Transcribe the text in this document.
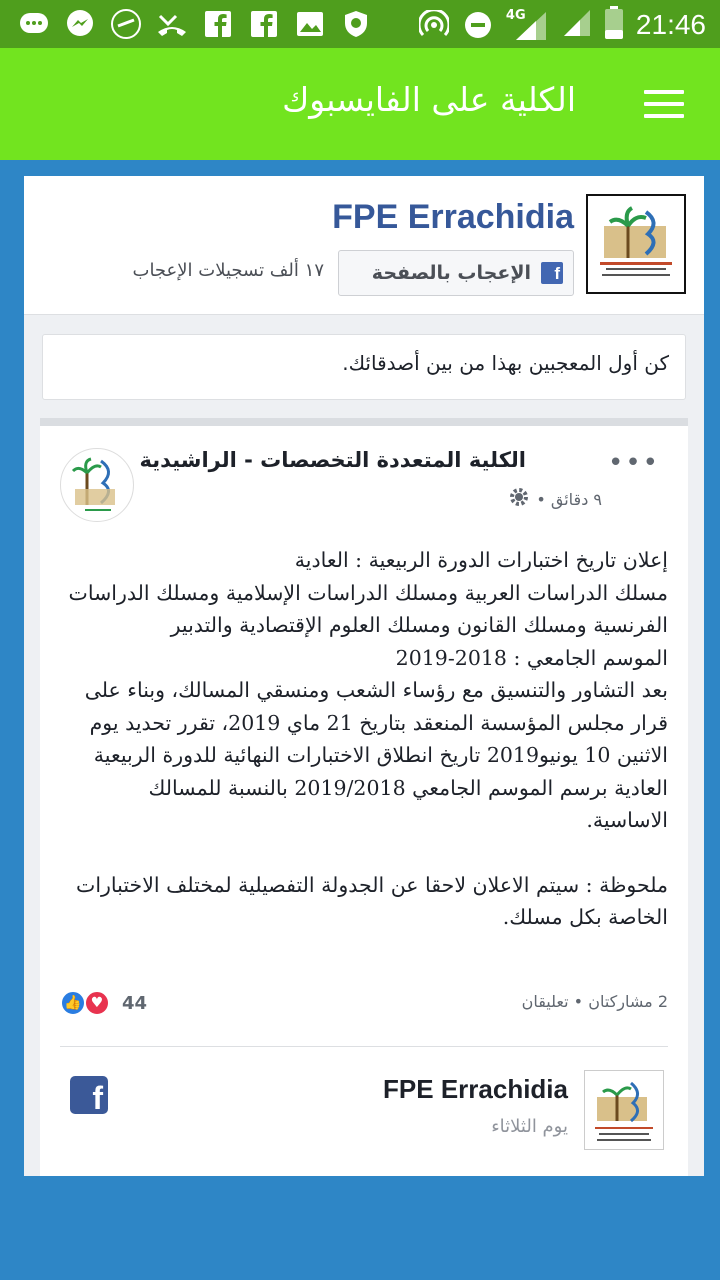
4G	21:46
الكلية على الفايسبوك
FPE Errachidia
الإعجاب بالصفحة	f
١٧ ألف تسجيلات الإعجاب
كن أول المعجبين بهذا من بين أصدقائك.
الكلية المتعددة التخصصات - الراشيدية	•••
٩ دقائق •

إعلان تاريخ اختبارات الدورة الربيعية : العادية

مسلك الدراسات العربية ومسلك الدراسات الإسلامية ومسلك الدراسات الفرنسية ومسلك القانون ومسلك العلوم الإقتصادية والتدبير

الموسم الجامعي : 2018-2019

بعد التشاور والتنسيق مع رؤساء الشعب ومنسقي المسالك، وبناء على قرار مجلس المؤسسة المنعقد بتاريخ 21 ماي 2019، تقرر تحديد يوم الاثنين 10 يونيو2019 تاريخ انطلاق الاختبارات النهائية للدورة الربيعية العادية برسم الموسم الجامعي 2019/2018 بالنسبة للمسالك الاساسية.

ملحوظة : سيتم الاعلان لاحقا عن الجدولة التفصيلية لمختلف الاختبارات الخاصة بكل مسلك.

👍 ♥	44	2 مشاركتان • تعليقان
FPE Errachidia
يوم الثلاثاء
f
